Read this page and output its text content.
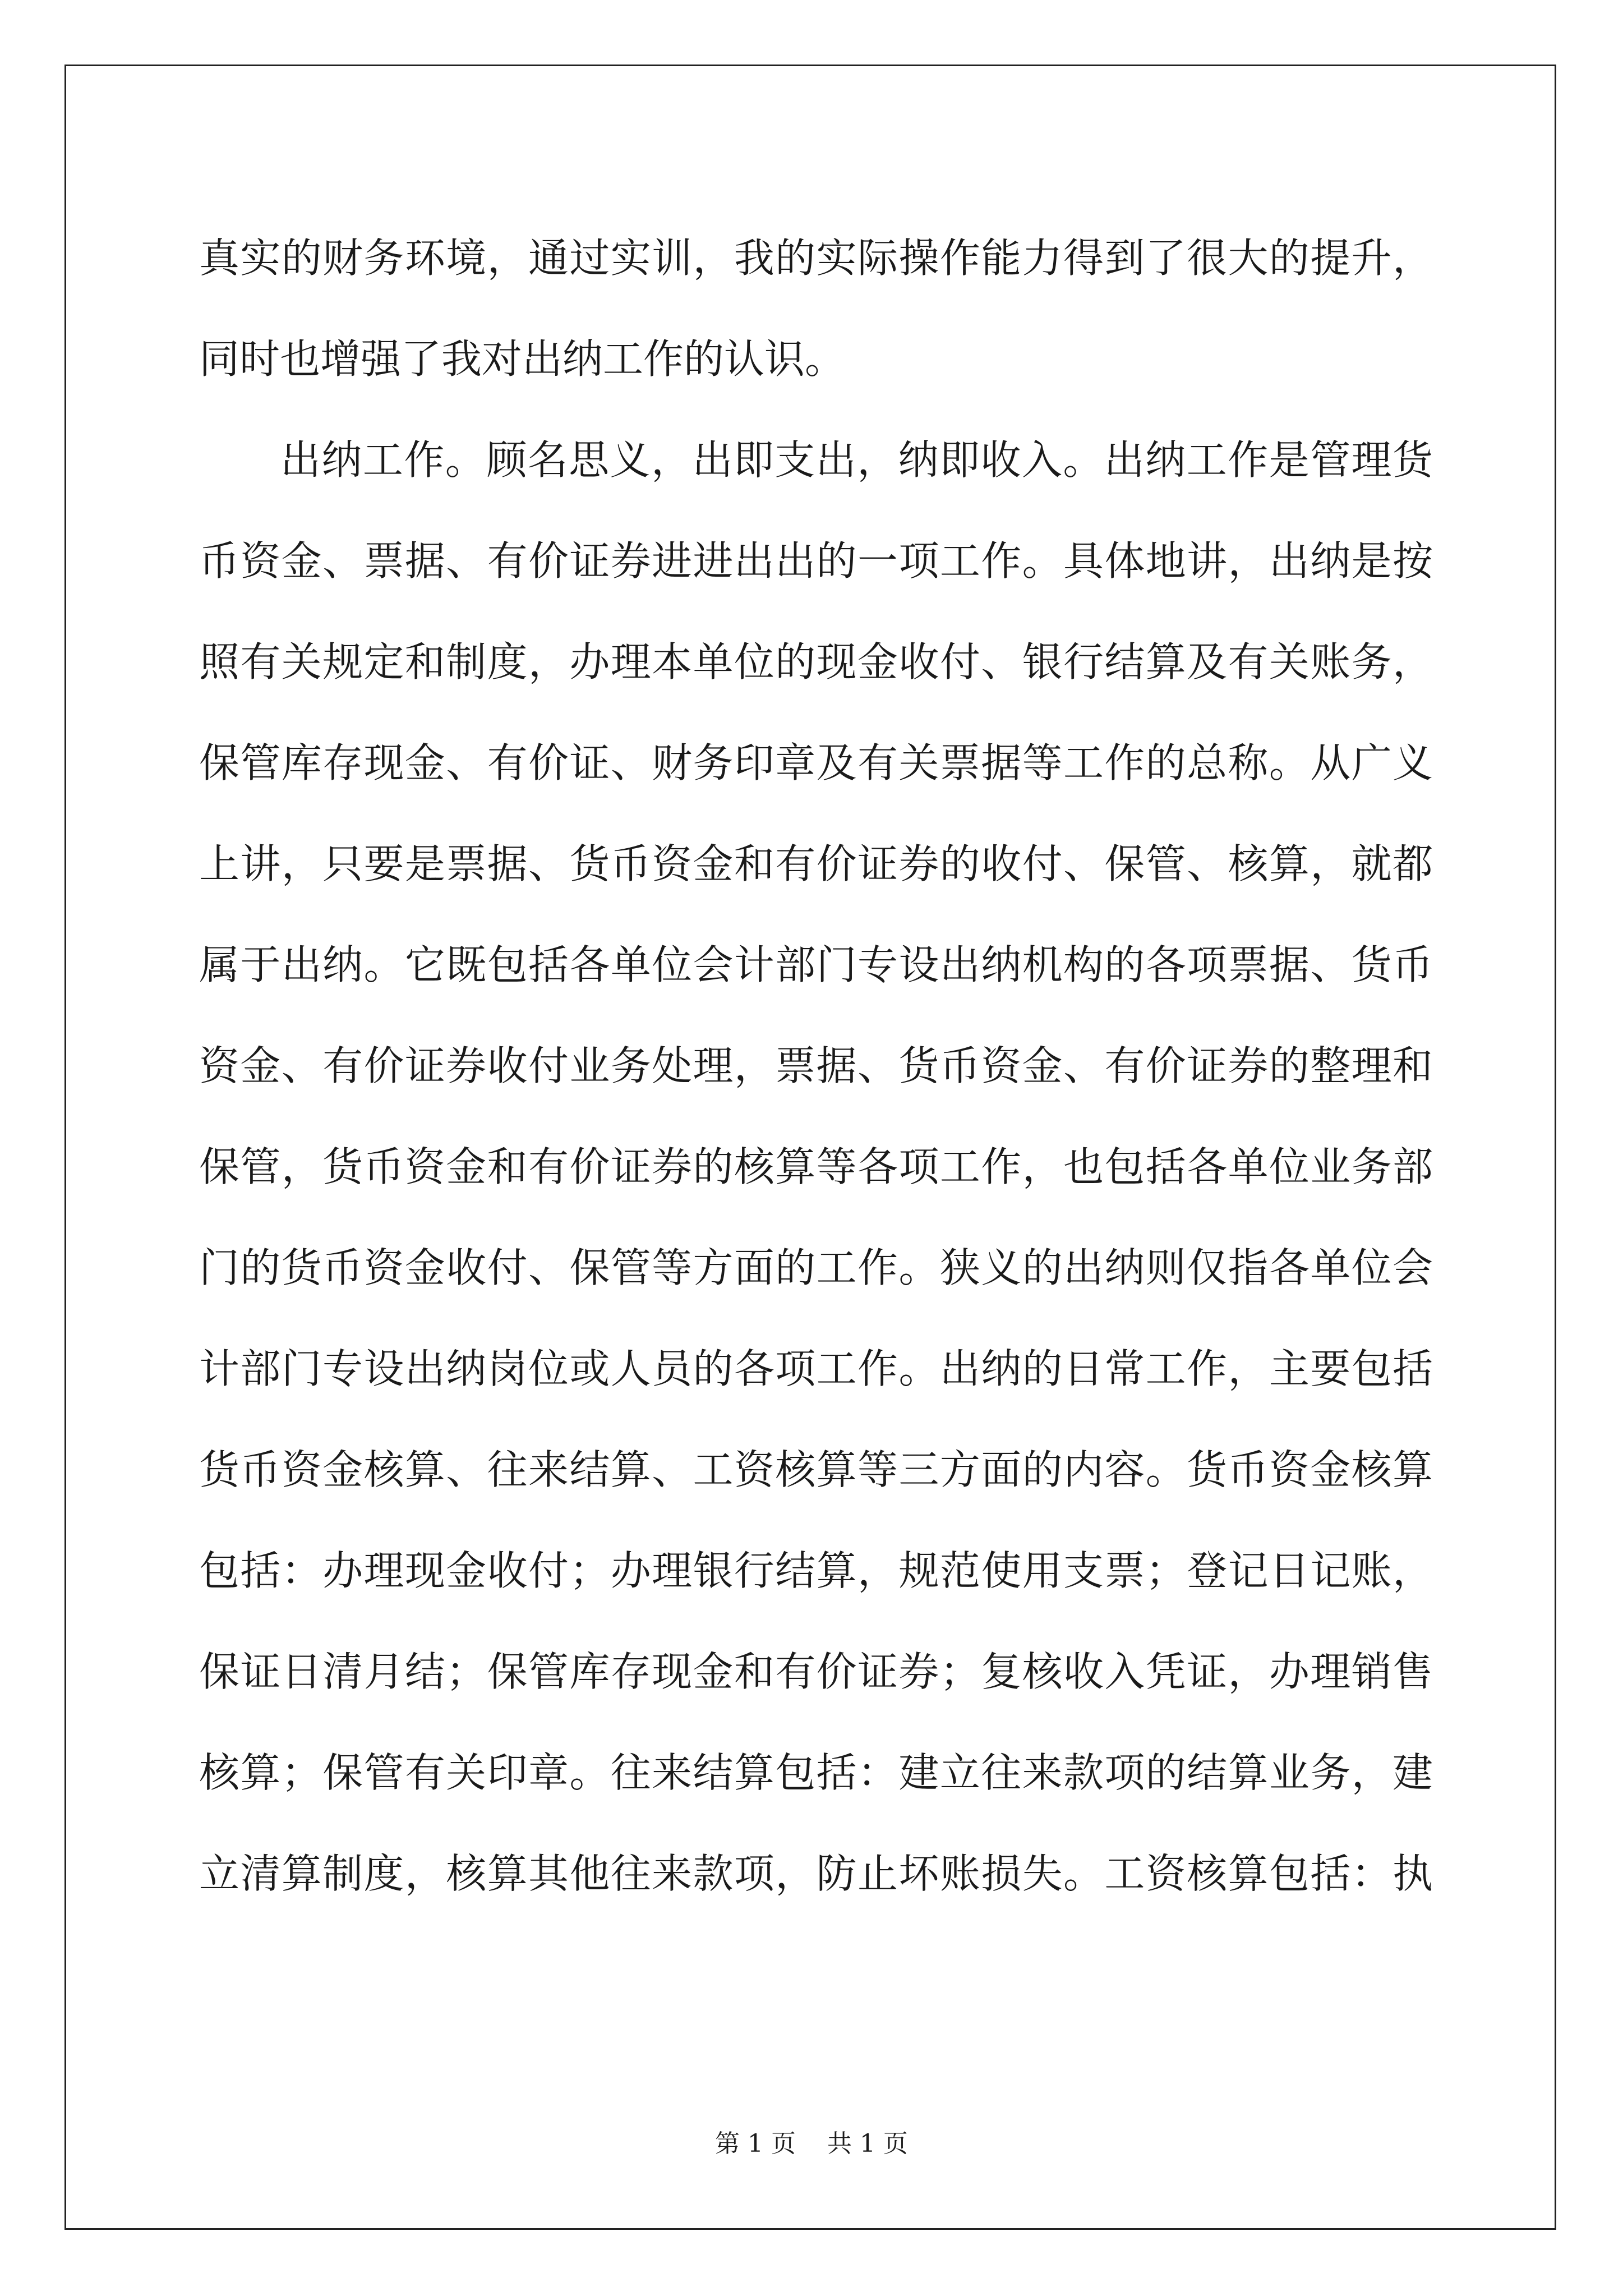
真实的财务环境，通过实训，我的实际操作能力得到了很大的提升，
同时也增强了我对出纳工作的认识。
出纳工作。顾名思义，出即支出，纳即收入。出纳工作是管理货
币资金、票据、有价证券进进出出的一项工作。具体地讲，出纳是按
照有关规定和制度，办理本单位的现金收付、银行结算及有关账务，
保管库存现金、有价证、财务印章及有关票据等工作的总称。从广义
上讲，只要是票据、货币资金和有价证券的收付、保管、核算，就都
属于出纳。它既包括各单位会计部门专设出纳机构的各项票据、货币
资金、有价证券收付业务处理，票据、货币资金、有价证券的整理和
保管，货币资金和有价证券的核算等各项工作，也包括各单位业务部
门的货币资金收付、保管等方面的工作。狭义的出纳则仅指各单位会
计部门专设出纳岗位或人员的各项工作。出纳的日常工作，主要包括
货币资金核算、往来结算、工资核算等三方面的内容。货币资金核算
包括：办理现金收付；办理银行结算，规范使用支票；登记日记账，
保证日清月结；保管库存现金和有价证券；复核收入凭证，办理销售
核算；保管有关印章。往来结算包括：建立往来款项的结算业务，建
立清算制度，核算其他往来款项，防止坏账损失。工资核算包括：执
第 1 页 共 1 页
